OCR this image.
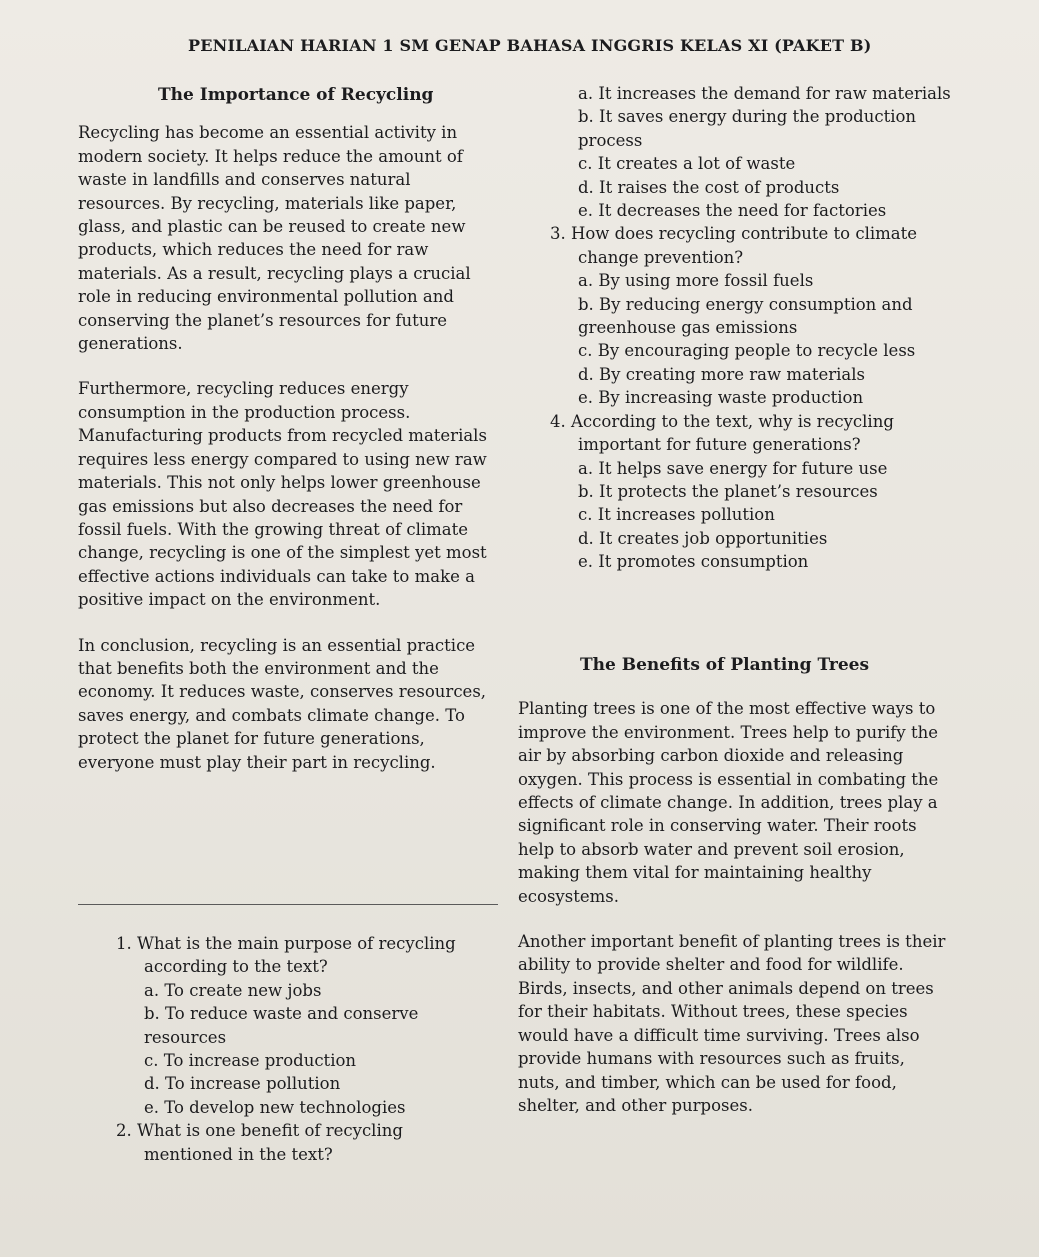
PENILAIAN HARIAN 1 SM GENAP BAHASA INGGRIS KELAS XI (PAKET B)

The Importance of Recycling

Recycling has become an essential activity in modern society. It helps reduce the amount of waste in landfills and conserves natural resources. By recycling, materials like paper, glass, and plastic can be reused to create new products, which reduces the need for raw materials. As a result, recycling plays a crucial role in reducing environmental pollution and conserving the planet’s resources for future generations.

Furthermore, recycling reduces energy consumption in the production process. Manufacturing products from recycled materials requires less energy compared to using new raw materials. This not only helps lower greenhouse gas emissions but also decreases the need for fossil fuels. With the growing threat of climate change, recycling is one of the simplest yet most effective actions individuals can take to make a positive impact on the environment.

In conclusion, recycling is an essential practice that benefits both the environment and the economy. It reduces waste, conserves resources, saves energy, and combats climate change. To protect the planet for future generations, everyone must play their part in recycling.

1. What is the main purpose of recycling according to the text?

a. To create new jobs

b. To reduce waste and conserve resources

c. To increase production

d. To increase pollution

e. To develop new technologies

2. What is one benefit of recycling mentioned in the text?

a. It increases the demand for raw materials

b. It saves energy during the production process

c. It creates a lot of waste

d. It raises the cost of products

e. It decreases the need for factories

3. How does recycling contribute to climate change prevention?

a. By using more fossil fuels

b. By reducing energy consumption and greenhouse gas emissions

c. By encouraging people to recycle less

d. By creating more raw materials

e. By increasing waste production

4. According to the text, why is recycling important for future generations?

a. It helps save energy for future use

b. It protects the planet’s resources

c. It increases pollution

d. It creates job opportunities

e. It promotes consumption

The Benefits of Planting Trees

Planting trees is one of the most effective ways to improve the environment. Trees help to purify the air by absorbing carbon dioxide and releasing oxygen. This process is essential in combating the effects of climate change. In addition, trees play a significant role in conserving water. Their roots help to absorb water and prevent soil erosion, making them vital for maintaining healthy ecosystems.

Another important benefit of planting trees is their ability to provide shelter and food for wildlife. Birds, insects, and other animals depend on trees for their habitats. Without trees, these species would have a difficult time surviving. Trees also provide humans with resources such as fruits, nuts, and timber, which can be used for food, shelter, and other purposes.
